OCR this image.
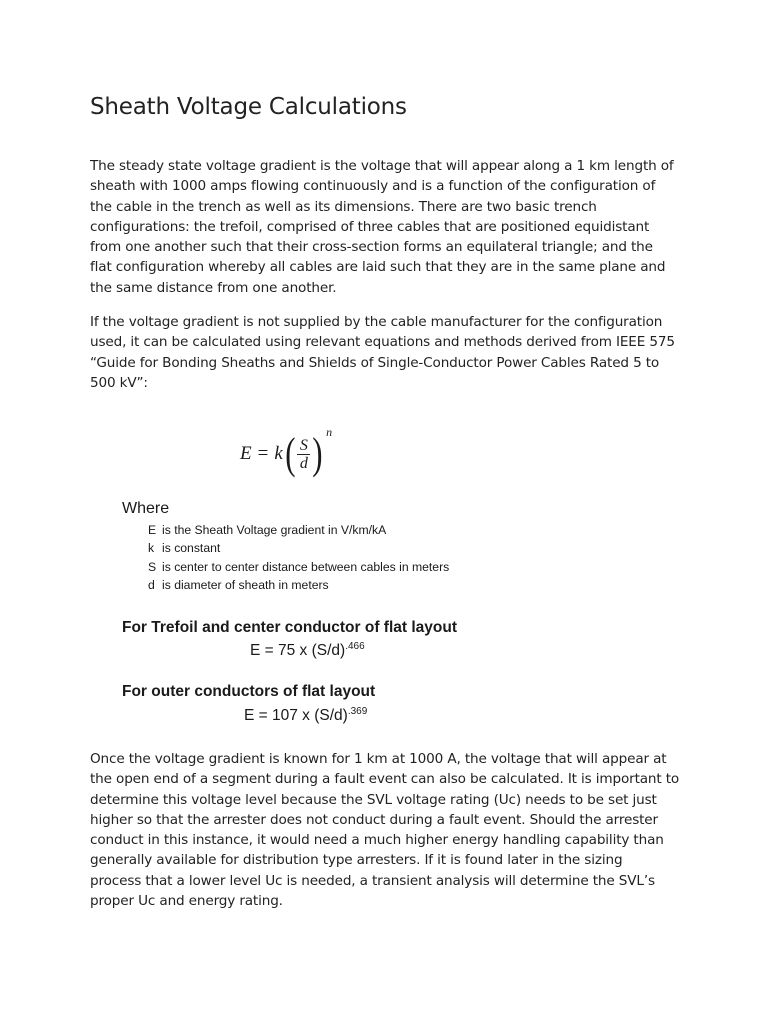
Sheath Voltage Calculations

The steady state voltage gradient is the voltage that will appear along a 1 km length of
sheath with 1000 amps flowing continuously and is a function of the configuration of
the cable in the trench as well as its dimensions. There are two basic trench
configurations: the trefoil, comprised of three cables that are positioned equidistant
from one another such that their cross-section forms an equilateral triangle; and the
flat configuration whereby all cables are laid such that they are in the same plane and
the same distance from one another.

If the voltage gradient is not supplied by the cable manufacturer for the configuration
used, it can be calculated using relevant equations and methods derived from IEEE 575
“Guide for Bonding Sheaths and Shields of Single-Conductor Power Cables Rated 5 to
500 kV”:

E = k ( $\frac{S}{d}$ ) n
Where
E is the Sheath Voltage gradient in V/km/kA
k is constant
S is center to center distance between cables in meters
d is diameter of sheath in meters
For Trefoil and center conductor of flat layout
E = 75 x $(S/d)^{.466}$
For outer conductors of flat layout
E = 107 x $(S/d)^{.369}$

Once the voltage gradient is known for 1 km at 1000 A, the voltage that will appear at
the open end of a segment during a fault event can also be calculated. It is important to
determine this voltage level because the SVL voltage rating (Uᴄ) needs to be set just
higher so that the arrester does not conduct during a fault event. Should the arrester
conduct in this instance, it would need a much higher energy handling capability than
generally available for distribution type arresters. If it is found later in the sizing
process that a lower level Uᴄ is needed, a transient analysis will determine the SVL’s
proper Uᴄ and energy rating.
